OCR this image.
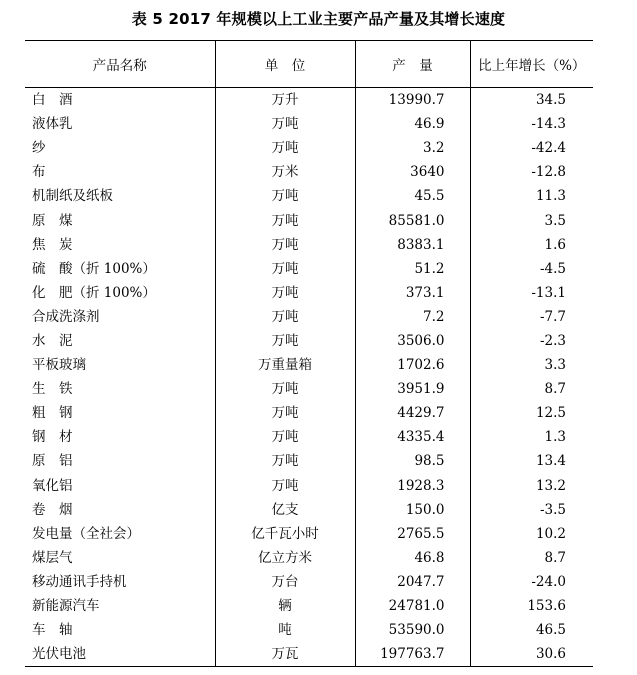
表 5 2017 年规模以上工业主要产品产量及其增长速度
产品名称	单　位	产　量	比上年增长（%）
白　酒	万升	13990.7	34.5
液体乳	万吨	46.9	-14.3
纱	万吨	3.2	-42.4
布	万米	3640	-12.8
机制纸及纸板	万吨	45.5	11.3
原　煤	万吨	85581.0	3.5
焦　炭	万吨	8383.1	1.6
硫　酸（折 100%）	万吨	51.2	-4.5
化　肥（折 100%）	万吨	373.1	-13.1
合成洗涤剂	万吨	7.2	-7.7
水　泥	万吨	3506.0	-2.3
平板玻璃	万重量箱	1702.6	3.3
生　铁	万吨	3951.9	8.7
粗　钢	万吨	4429.7	12.5
钢　材	万吨	4335.4	1.3
原　铝	万吨	98.5	13.4
氧化铝	万吨	1928.3	13.2
卷　烟	亿支	150.0	-3.5
发电量（全社会）	亿千瓦小时	2765.5	10.2
煤层气	亿立方米	46.8	8.7
移动通讯手持机	万台	2047.7	-24.0
新能源汽车	辆	24781.0	153.6
车　轴	吨	53590.0	46.5
光伏电池	万瓦	197763.7	30.6
